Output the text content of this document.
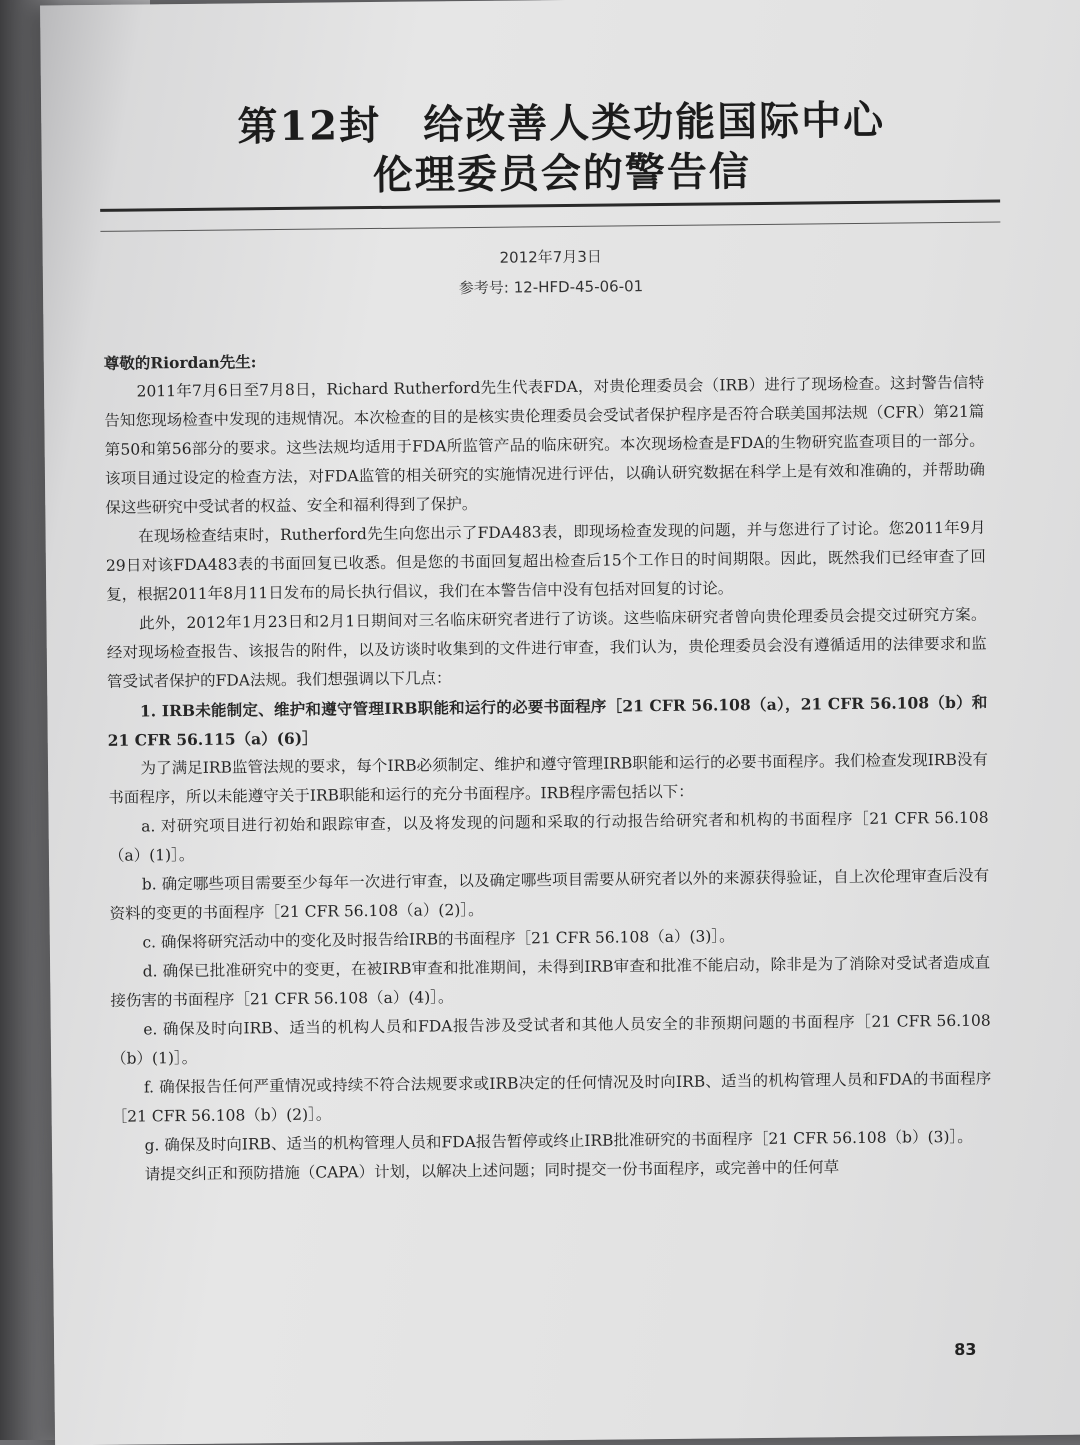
第12封　给改善人类功能国际中心
伦理委员会的警告信
2012年7月3日
参考号: 12-HFD-45-06-01

尊敬的Riordan先生:

2011年7月6日至7月8日，Richard Rutherford先生代表FDA，对贵伦理委员会（IRB）进行了现场检查。这封警告信特告知您现场检查中发现的违规情况。本次检查的目的是核实贵伦理委员会受试者保护程序是否符合联美国邦法规（CFR）第21篇第50和第56部分的要求。这些法规均适用于FDA所监管产品的临床研究。本次现场检查是FDA的生物研究监查项目的一部分。该项目通过设定的检查方法，对FDA监管的相关研究的实施情况进行评估，以确认研究数据在科学上是有效和准确的，并帮助确保这些研究中受试者的权益、安全和福利得到了保护。

在现场检查结束时，Rutherford先生向您出示了FDA483表，即现场检查发现的问题，并与您进行了讨论。您2011年9月29日对该FDA483表的书面回复已收悉。但是您的书面回复超出检查后15个工作日的时间期限。因此，既然我们已经审查了回复，根据2011年8月11日发布的局长执行倡议，我们在本警告信中没有包括对回复的讨论。

此外，2012年1月23日和2月1日期间对三名临床研究者进行了访谈。这些临床研究者曾向贵伦理委员会提交过研究方案。经对现场检查报告、该报告的附件，以及访谈时收集到的文件进行审查，我们认为，贵伦理委员会没有遵循适用的法律要求和监管受试者保护的FDA法规。我们想强调以下几点：

1. IRB未能制定、维护和遵守管理IRB职能和运行的必要书面程序［21 CFR 56.108（a），21 CFR 56.108（b）和21 CFR 56.115（a）(6)］

为了满足IRB监管法规的要求，每个IRB必须制定、维护和遵守管理IRB职能和运行的必要书面程序。我们检查发现IRB没有书面程序，所以未能遵守关于IRB职能和运行的充分书面程序。IRB程序需包括以下：

a. 对研究项目进行初始和跟踪审查，以及将发现的问题和采取的行动报告给研究者和机构的书面程序［21 CFR 56.108（a）(1)］。

b. 确定哪些项目需要至少每年一次进行审查，以及确定哪些项目需要从研究者以外的来源获得验证，自上次伦理审查后没有资料的变更的书面程序［21 CFR 56.108（a）(2)］。

c. 确保将研究活动中的变化及时报告给IRB的书面程序［21 CFR 56.108（a）(3)］。

d. 确保已批准研究中的变更，在被IRB审查和批准期间，未得到IRB审查和批准不能启动，除非是为了消除对受试者造成直接伤害的书面程序［21 CFR 56.108（a）(4)］。

e. 确保及时向IRB、适当的机构人员和FDA报告涉及受试者和其他人员安全的非预期问题的书面程序［21 CFR 56.108（b）(1)］。

f. 确保报告任何严重情况或持续不符合法规要求或IRB决定的任何情况及时向IRB、适当的机构管理人员和FDA的书面程序［21 CFR 56.108（b）(2)］。

g. 确保及时向IRB、适当的机构管理人员和FDA报告暂停或终止IRB批准研究的书面程序［21 CFR 56.108（b）(3)］。

请提交纠正和预防措施（CAPA）计划，以解决上述问题；同时提交一份书面程序，或完善中的任何草

83
